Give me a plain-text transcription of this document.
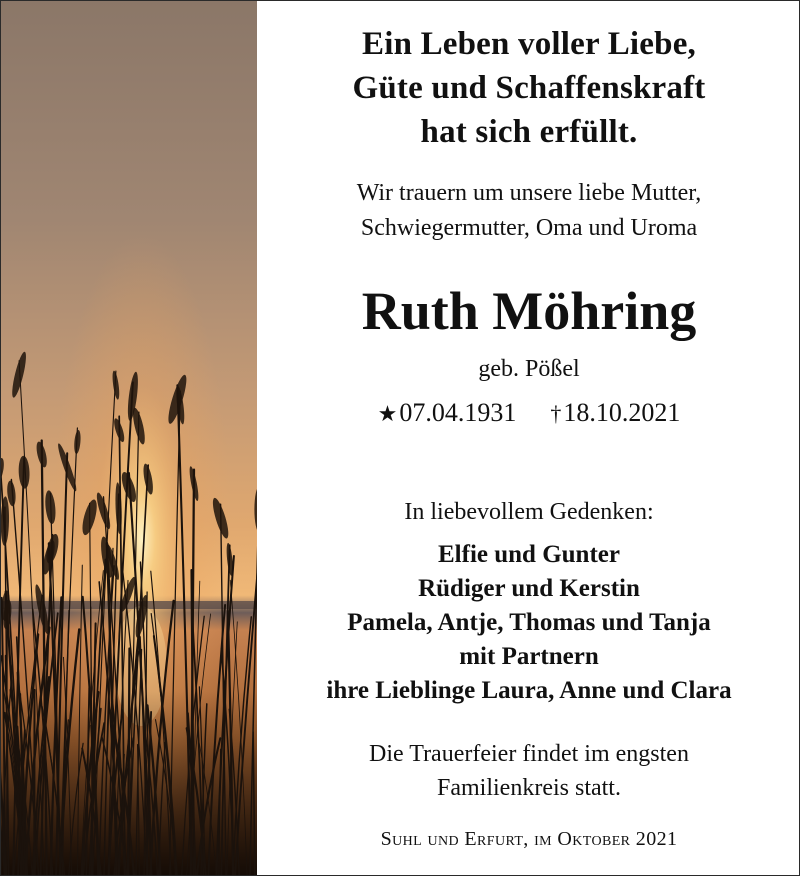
Ein Leben voller Liebe,
Güte und Schaffenskraft
hat sich erfüllt.
Wir trauern um unsere liebe Mutter,
Schwiegermutter, Oma und Uroma
Ruth Möhring
geb. Pößel
★07.04.1931 †18.10.2021
In liebevollem Gedenken:
Elfie und Gunter
Rüdiger und Kerstin
Pamela, Antje, Thomas und Tanja
mit Partnern
ihre Lieblinge Laura, Anne und Clara
Die Trauerfeier findet im engsten
Familienkreis statt.
Suhl und Erfurt, im Oktober 2021
